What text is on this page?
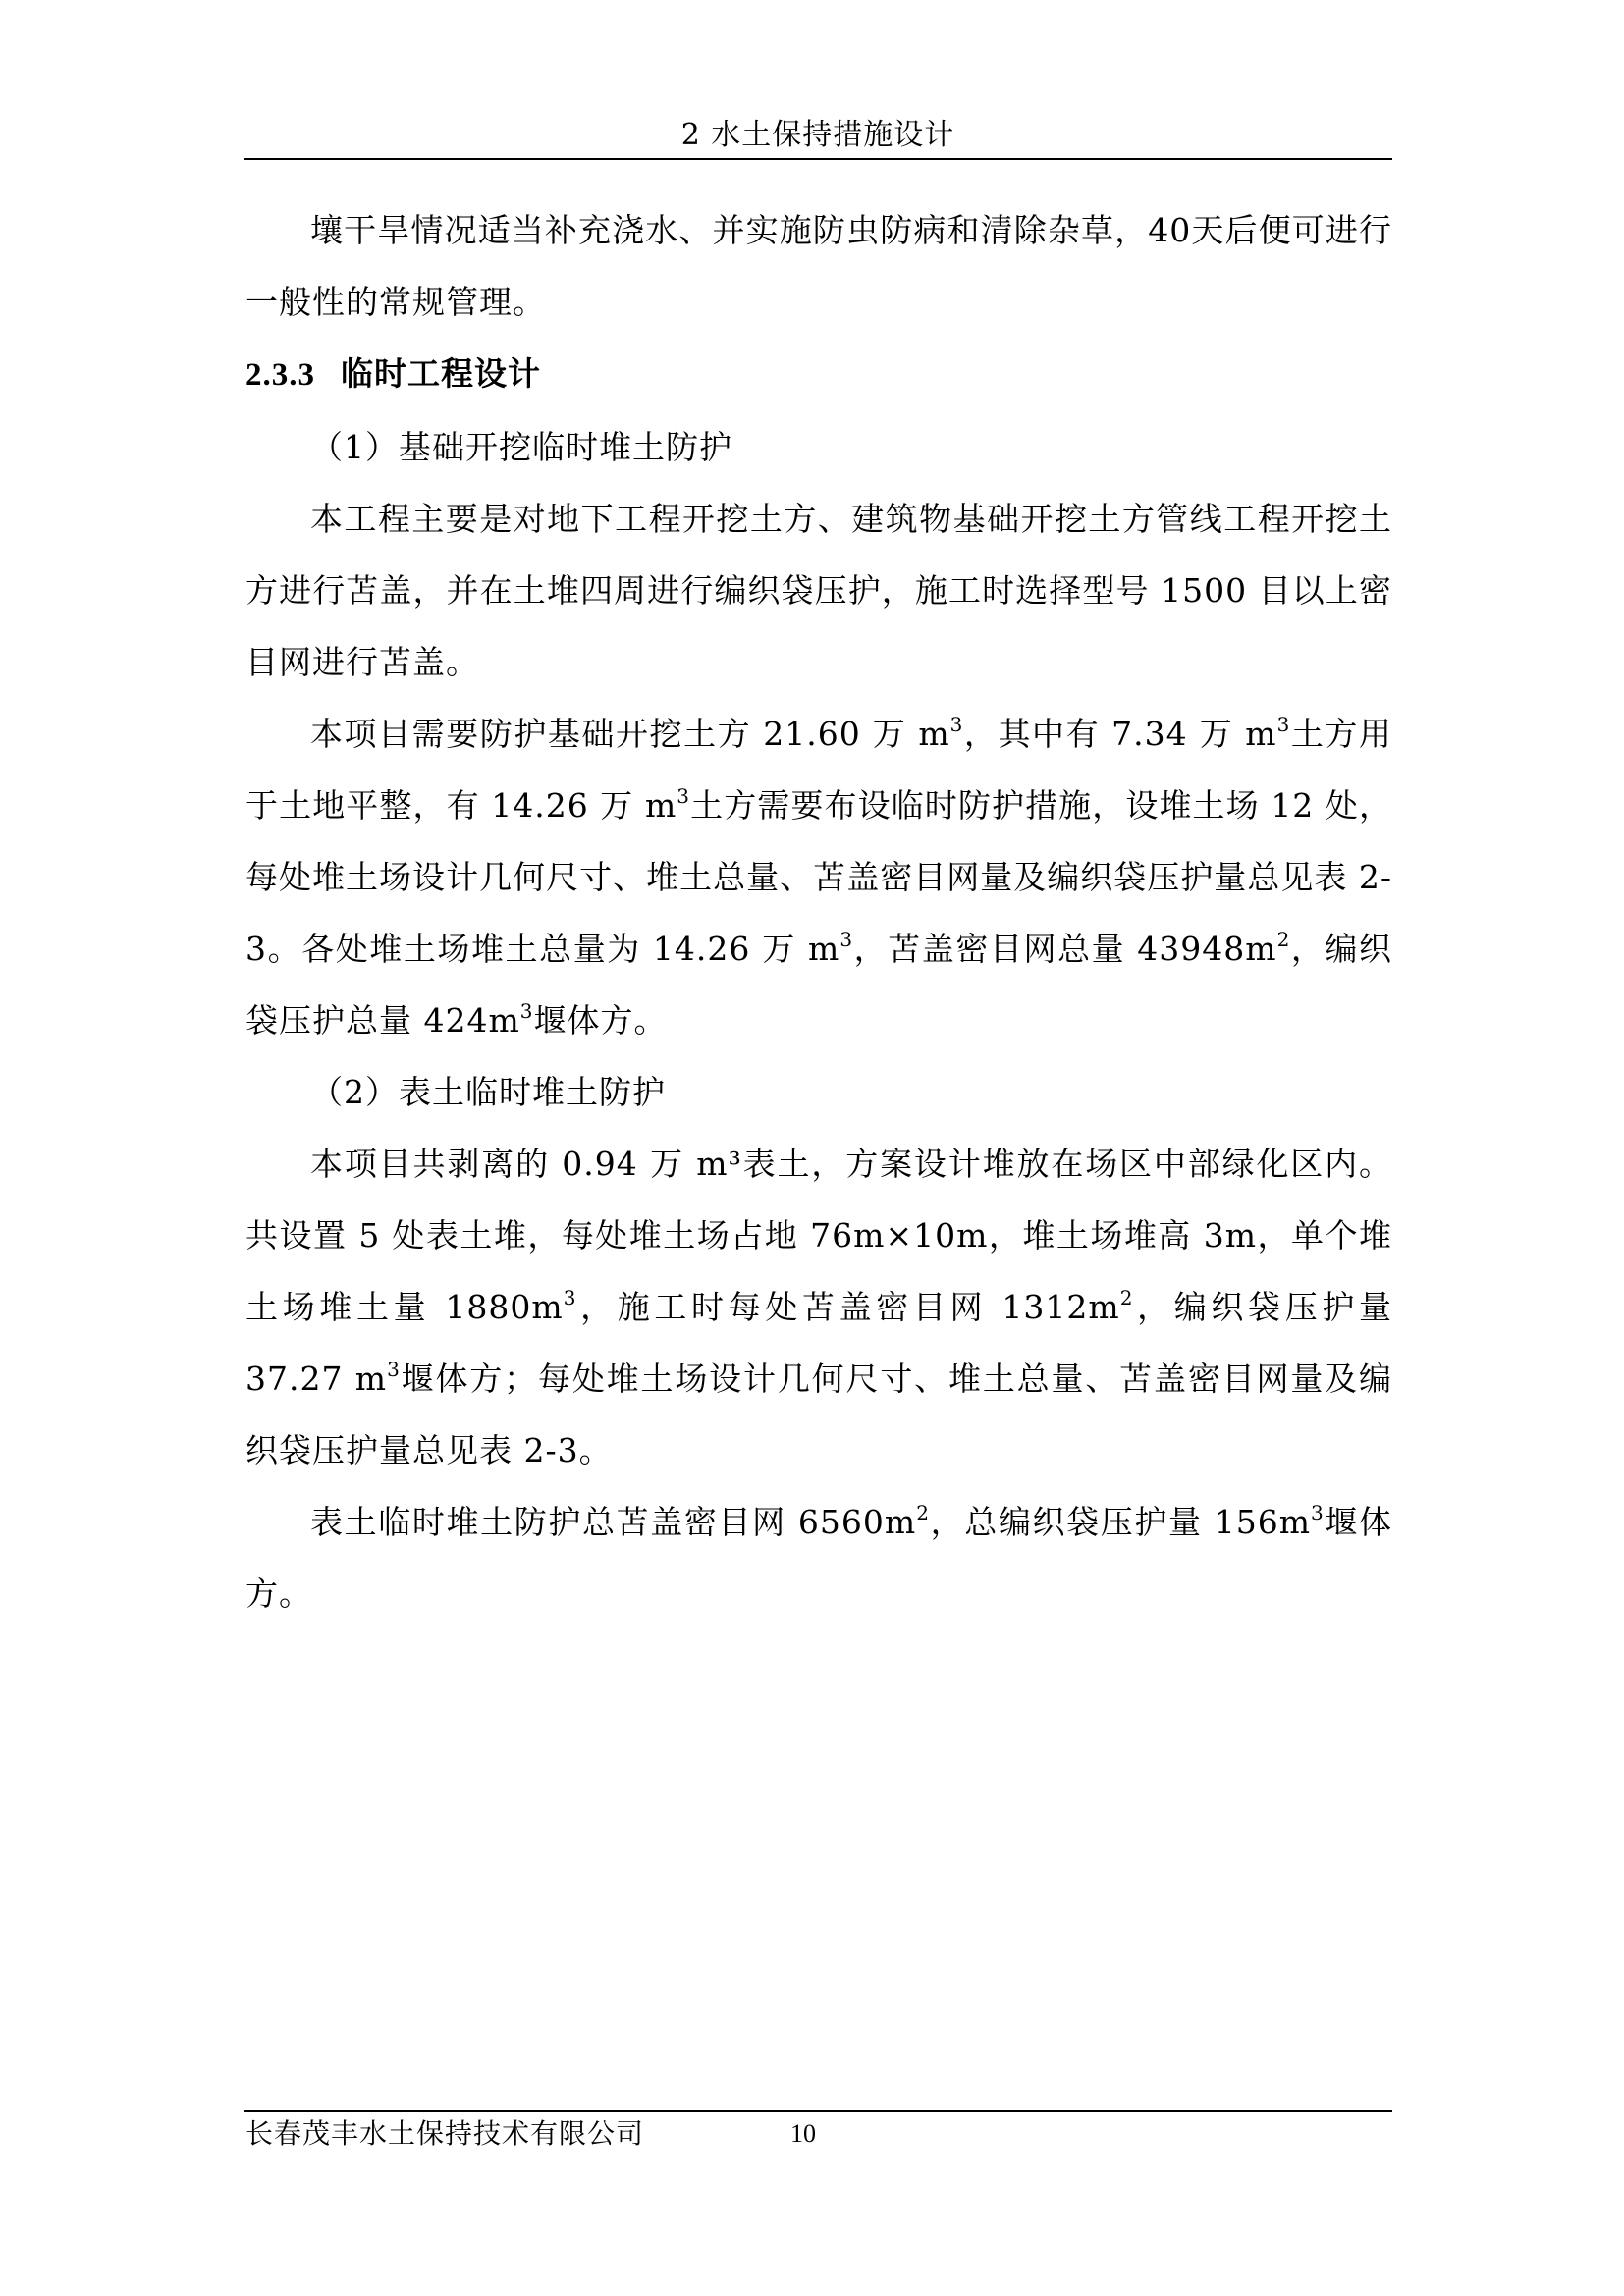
2 水土保持措施设计

壤干旱情况适当补充浇水、并实施防虫防病和清除杂草，40天后便可进行一般性的常规管理。

2.3.3 临时工程设计

（1）基础开挖临时堆土防护

本工程主要是对地下工程开挖土方、建筑物基础开挖土方管线工程开挖土方进行苫盖，并在土堆四周进行编织袋压护，施工时选择型号 1500 目以上密目网进行苫盖。

本项目需要防护基础开挖土方 21.60 万 $m^3$，其中有 7.34 万 $m^3$土方用于土地平整，有 14.26 万 $m^3$土方需要布设临时防护措施，设堆土场 12 处，每处堆土场设计几何尺寸、堆土总量、苫盖密目网量及编织袋压护量总见表 2-3。各处堆土场堆土总量为 14.26 万 $m^3$，苫盖密目网总量 $43948m^2$，编织袋压护总量 $424m^3$堰体方。

（2）表土临时堆土防护

本项目共剥离的 0.94 万 m³表土，方案设计堆放在场区中部绿化区内。共设置 5 处表土堆，每处堆土场占地 76m×10m，堆土场堆高 3m，单个堆土场堆土量 $1880m^3$，施工时每处苫盖密目网 $1312m^2$，编织袋压护量 37.27 $m^3$堰体方；每处堆土场设计几何尺寸、堆土总量、苫盖密目网量及编织袋压护量总见表 2-3。

表土临时堆土防护总苫盖密目网 $6560m^2$，总编织袋压护量 $156m^3$堰体方。

长春茂丰水土保持技术有限公司	10
